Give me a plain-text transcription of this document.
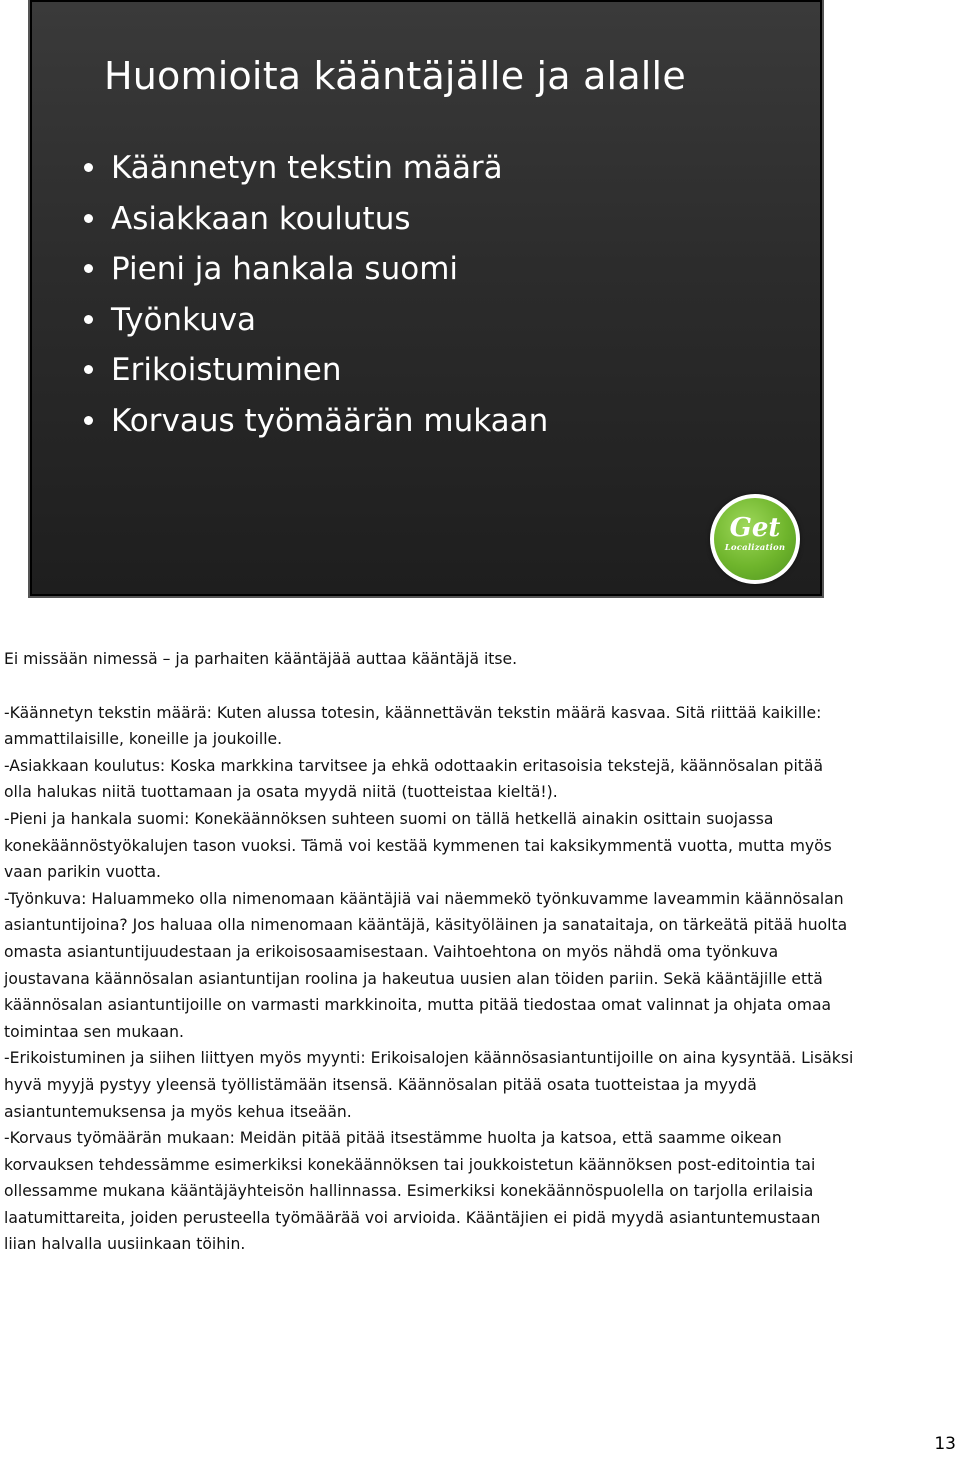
Huomioita kääntäjälle ja alalle
Käännetyn tekstin määrä
Asiakkaan koulutus
Pieni ja hankala suomi
Työnkuva
Erikoistuminen
Korvaus työmäärän mukaan
Get
Localization

Ei missään nimessä – ja parhaiten kääntäjää auttaa kääntäjä itse.

-Käännetyn tekstin määrä: Kuten alussa totesin, käännettävän tekstin määrä kasvaa. Sitä riittää kaikille: ammattilaisille, koneille ja joukoille.

-Asiakkaan koulutus: Koska markkina tarvitsee ja ehkä odottaakin eritasoisia tekstejä, käännösalan pitää olla halukas niitä tuottamaan ja osata myydä niitä (tuotteistaa kieltä!).

-Pieni ja hankala suomi: Konekäännöksen suhteen suomi on tällä hetkellä ainakin osittain suojassa konekäännöstyökalujen tason vuoksi. Tämä voi kestää kymmenen tai kaksikymmentä vuotta, mutta myös vaan parikin vuotta.

-Työnkuva: Haluammeko olla nimenomaan kääntäjiä vai näemmekö työnkuvamme laveammin käännösalan asiantuntijoina? Jos haluaa olla nimenomaan kääntäjä, käsityöläinen ja sanataitaja, on tärkeätä pitää huolta omasta asiantuntijuudestaan ja erikoisosaamisestaan. Vaihtoehtona on myös nähdä oma työnkuva joustavana käännösalan asiantuntijan roolina ja hakeutua uusien alan töiden pariin. Sekä kääntäjille että käännösalan asiantuntijoille on varmasti markkinoita, mutta pitää tiedostaa omat valinnat ja ohjata omaa toimintaa sen mukaan.

-Erikoistuminen ja siihen liittyen myös myynti: Erikoisalojen käännösasiantuntijoille on aina kysyntää. Lisäksi hyvä myyjä pystyy yleensä työllistämään itsensä. Käännösalan pitää osata tuotteistaa ja myydä asiantuntemuksensa ja myös kehua itseään.

-Korvaus työmäärän mukaan: Meidän pitää pitää itsestämme huolta ja katsoa, että saamme oikean korvauksen tehdessämme esimerkiksi konekäännöksen tai joukkoistetun käännöksen post-editointia tai ollessamme mukana kääntäjäyhteisön hallinnassa. Esimerkiksi konekäännöspuolella on tarjolla erilaisia laatumittareita, joiden perusteella työmäärää voi arvioida. Kääntäjien ei pidä myydä asiantuntemustaan liian halvalla uusiinkaan töihin.

13
